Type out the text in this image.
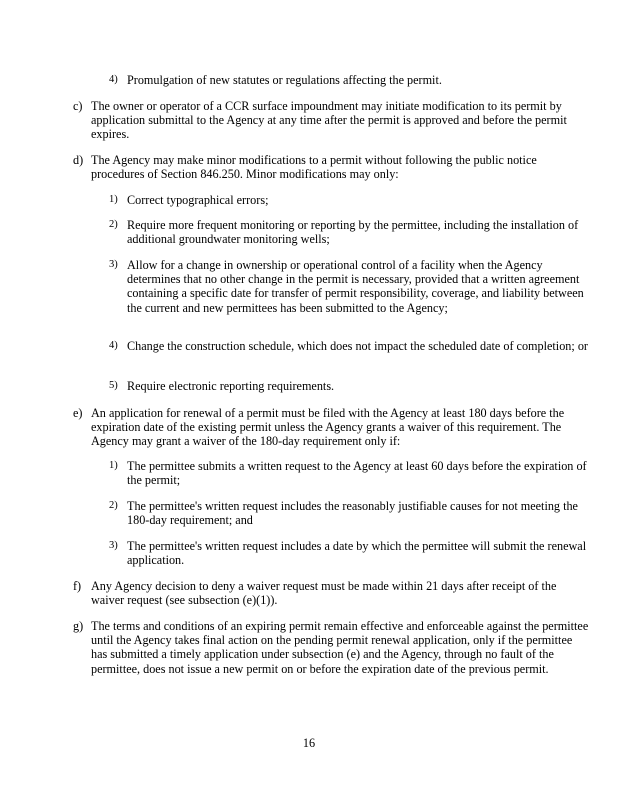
4) Promulgation of new statutes or regulations affecting the permit.
c) The owner or operator of a CCR surface impoundment may initiate modification to its permit by application submittal to the Agency at any time after the permit is approved and before the permit expires.
d) The Agency may make minor modifications to a permit without following the public notice procedures of Section 846.250. Minor modifications may only:
1) Correct typographical errors;
2) Require more frequent monitoring or reporting by the permittee, including the installation of additional groundwater monitoring wells;
3) Allow for a change in ownership or operational control of a facility when the Agency determines that no other change in the permit is necessary, provided that a written agreement containing a specific date for transfer of permit responsibility, coverage, and liability between the current and new permittees has been submitted to the Agency;
4) Change the construction schedule, which does not impact the scheduled date of completion; or
5) Require electronic reporting requirements.
e) An application for renewal of a permit must be filed with the Agency at least 180 days before the expiration date of the existing permit unless the Agency grants a waiver of this requirement. The Agency may grant a waiver of the 180-day requirement only if:
1) The permittee submits a written request to the Agency at least 60 days before the expiration of the permit;
2) The permittee's written request includes the reasonably justifiable causes for not meeting the 180-day requirement; and
3) The permittee's written request includes a date by which the permittee will submit the renewal application.
f) Any Agency decision to deny a waiver request must be made within 21 days after receipt of the waiver request (see subsection (e)(1)).
g) The terms and conditions of an expiring permit remain effective and enforceable against the permittee until the Agency takes final action on the pending permit renewal application, only if the permittee has submitted a timely application under subsection (e) and the Agency, through no fault of the permittee, does not issue a new permit on or before the expiration date of the previous permit.
16
